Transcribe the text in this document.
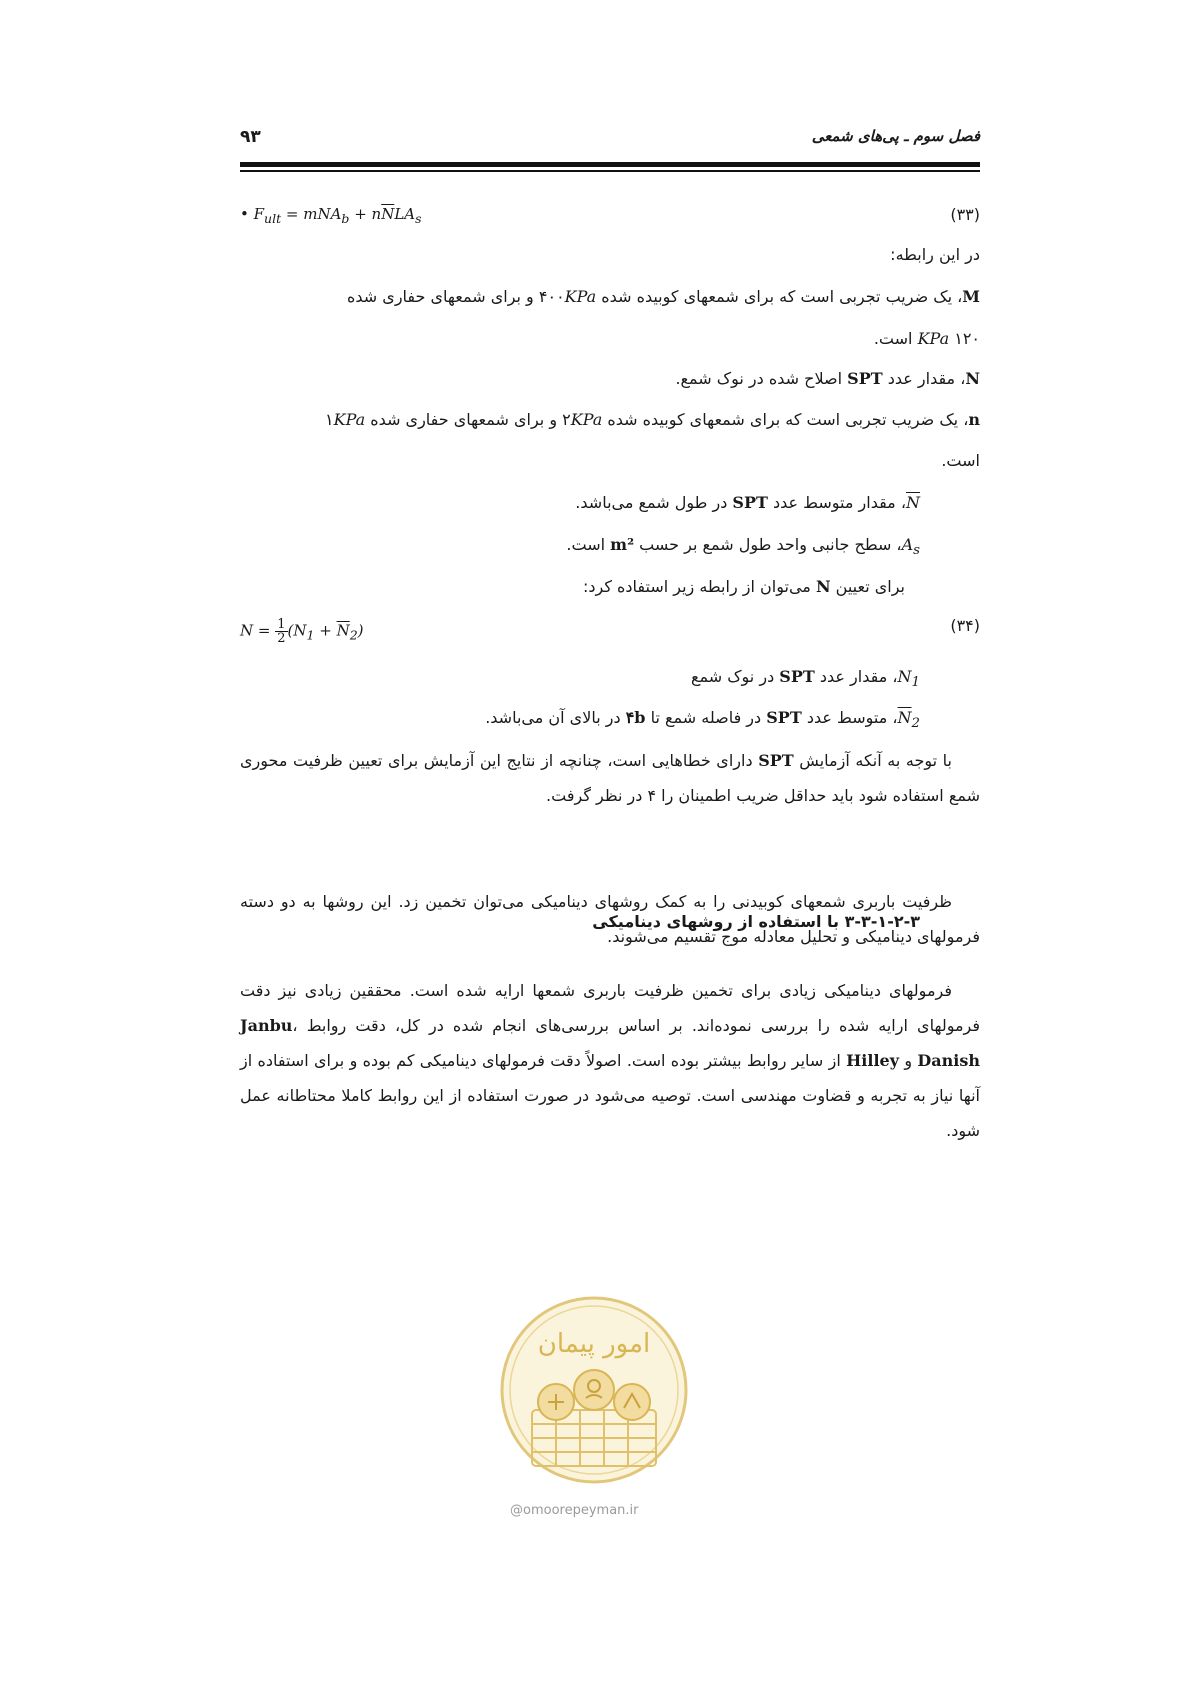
فصل سوم ـ پی‌های شمعی
۹۳
• $F_{ult} = mNA_b + n\overline{N}LA_s$	(۳۳)
در این رابطه:
M، یک ضریب تجربی است که برای شمعهای کوبیده شده ۴۰۰KPa و برای شمعهای حفاری شده
۱۲۰ KPa است.
N، مقدار عدد SPT اصلاح شده در نوک شمع.
n، یک ضریب تجربی است که برای شمعهای کوبیده شده ۲KPa و برای شمعهای حفاری شده ۱KPa
است.
N، مقدار متوسط عدد SPT در طول شمع می‌باشد.
$A_s،$ سطح جانبی واحد طول شمع بر حسب m² است.
برای تعیین N می‌توان از رابطه زیر استفاده کرد:
$N = \frac{1}{2} (N_1 + \overline{N}_2)$	(۳۴)
$N_1،$ مقدار عدد SPT در نوک شمع
$N_2،$ متوسط عدد SPT در فاصله شمع تا ۴b در بالای آن می‌باشد.
با توجه به آنکه آزمایش SPT دارای خطاهایی است، چنانچه از نتایج این آزمایش برای تعیین ظرفیت محوری شمع استفاده شود باید حداقل ضریب اطمینان را ۴ در نظر گرفت.
۳-۳-۱-۲-۳ با استفاده از روشهای دینامیکی
ظرفیت باربری شمعهای کوبیدنی را به کمک روشهای دینامیکی می‌توان تخمین زد. این روشها به دو دسته فرمولهای دینامیکی و تحلیل معادله موج تقسیم می‌شوند.
فرمولهای دینامیکی زیادی برای تخمین ظرفیت باربری شمعها ارایه شده است. محققین زیادی نیز دقت فرمولهای ارایه شده را بررسی نموده‌اند. بر اساس بررسی‌های انجام شده در کل، دقت روابط Janbu، Danish و Hilley از سایر روابط بیشتر بوده است. اصولاً دقت فرمولهای دینامیکی کم بوده و برای استفاده از آنها نیاز به تجربه و قضاوت مهندسی است. توصیه می‌شود در صورت استفاده از این روابط کاملا محتاطانه عمل شود.
امور پیمان
@omoorepeyman.ir
